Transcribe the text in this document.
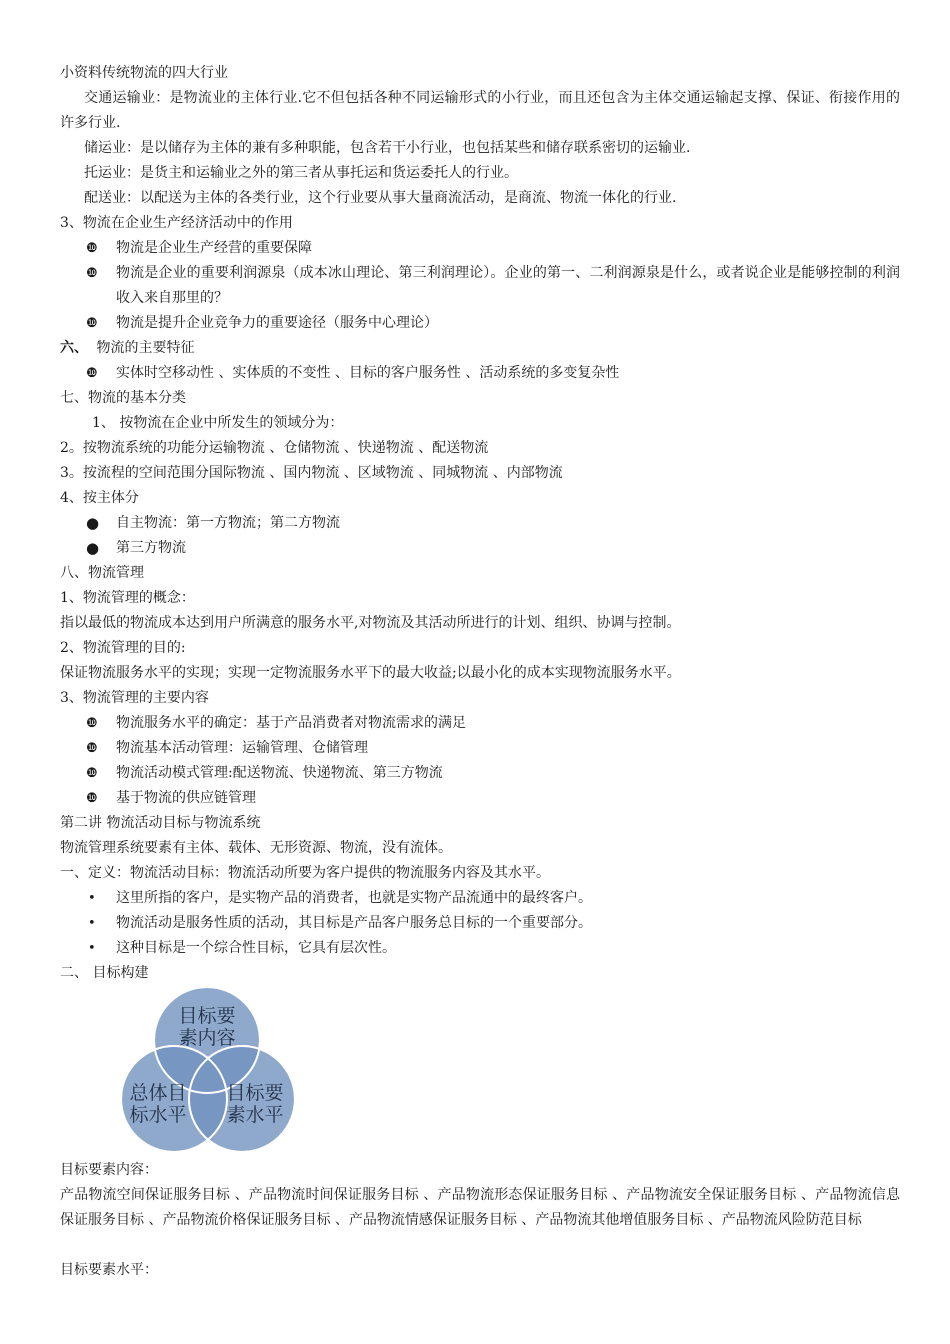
小资料传统物流的四大行业
交通运输业：是物流业的主体行业.它不但包括各种不同运输形式的小行业，而且还包含为主体交通运输起支撑、保证、衔接作用的许多行业.
储运业：是以储存为主体的兼有多种职能，包含若干小行业，也包括某些和储存联系密切的运输业.
托运业：是货主和运输业之外的第三者从事托运和货运委托人的行业。
配送业：以配送为主体的各类行业，这个行业要从事大量商流活动，是商流、物流一体化的行业.
3、物流在企业生产经济活动中的作用
❿	物流是企业生产经营的重要保障
❿	物流是企业的重要利润源泉（成本冰山理论、第三利润理论）。企业的第一、二利润源泉是什么，或者说企业是能够控制的利润收入来自那里的？
❿	物流是提升企业竞争力的重要途径（服务中心理论）
六、 物流的主要特征
❿	实体时空移动性 、实体质的不变性 、目标的客户服务性 、活动系统的多变复杂性
七、物流的基本分类
1、 按物流在企业中所发生的领域分为：
2。按物流系统的功能分运输物流 、仓储物流 、快递物流 、配送物流
3。按流程的空间范围分国际物流 、国内物流 、区域物流 、同城物流 、内部物流
4、按主体分
●	自主物流：第一方物流；第二方物流
●	第三方物流
八、物流管理
1、物流管理的概念：
指以最低的物流成本达到用户所满意的服务水平,对物流及其活动所进行的计划、组织、协调与控制。
2、物流管理的目的:
保证物流服务水平的实现；实现一定物流服务水平下的最大收益;以最小化的成本实现物流服务水平。
3、物流管理的主要内容
❿	物流服务水平的确定：基于产品消费者对物流需求的满足
❿	物流基本活动管理：运输管理、仓储管理
❿	物流活动模式管理:配送物流、快递物流、第三方物流
❿	基于物流的供应链管理
第二讲 物流活动目标与物流系统
物流管理系统要素有主体、载体、无形资源、物流，没有流体。
一、定义：物流活动目标：物流活动所要为客户提供的物流服务内容及其水平。
•	这里所指的客户，是实物产品的消费者，也就是实物产品流通中的最终客户。
•	物流活动是服务性质的活动，其目标是产品客户服务总目标的一个重要部分。
•	这种目标是一个综合性目标，它具有层次性。
二、 目标构建
目标要
素内容
总体目
标水平
目标要
素水平
目标要素内容：
产品物流空间保证服务目标 、产品物流时间保证服务目标 、产品物流形态保证服务目标 、产品物流安全保证服务目标 、产品物流信息保证服务目标 、产品物流价格保证服务目标 、产品物流情感保证服务目标 、产品物流其他增值服务目标 、产品物流风险防范目标
目标要素水平：
